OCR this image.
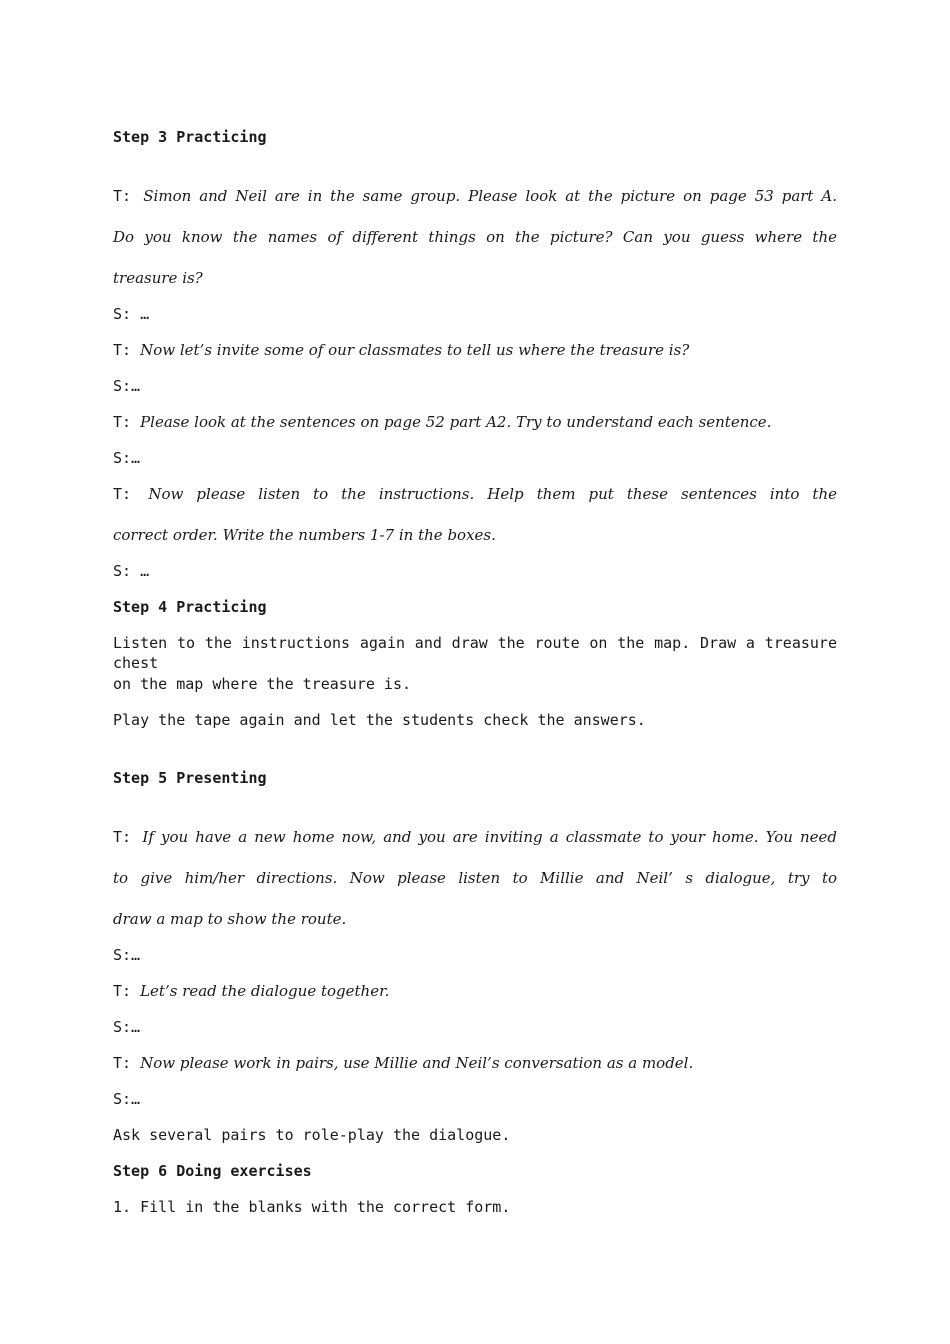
Step 3 Practicing
T: Simon and Neil are in the same group. Please look at the picture on page 53 part A.
Do you know the names of different things on the picture? Can you guess where the
treasure is?
S: …
T: Now let’s invite some of our classmates to tell us where the treasure is?
S:…
T: Please look at the sentences on page 52 part A2. Try to understand each sentence.
S:…
T: Now please listen to the instructions. Help them put these sentences into the
correct order. Write the numbers 1-7 in the boxes.
S: …
Step 4 Practicing
Listen to the instructions again and draw the route on the map. Draw a treasure chest
on the map where the treasure is.
Play the tape again and let the students check the answers.
Step 5 Presenting
T: If you have a new home now, and you are inviting a classmate to your home. You need
to give him/her directions. Now please listen to Millie and Neil’ s dialogue, try to
draw a map to show the route.
S:…
T: Let’s read the dialogue together.
S:…
T: Now please work in pairs, use Millie and Neil’s conversation as a model.
S:…
Ask several pairs to role-play the dialogue.
Step 6 Doing exercises
1. Fill in the blanks with the correct form.
